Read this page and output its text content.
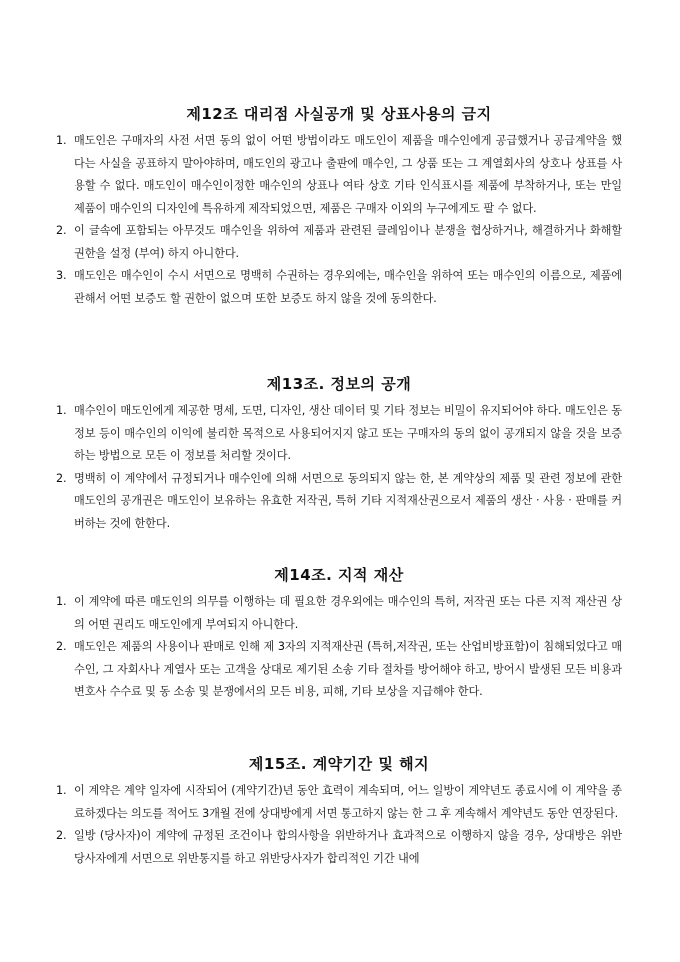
제12조 대리점 사실공개 및 상표사용의 금지
1. 매도인은 구매자의 사전 서면 동의 없이 어떤 방법이라도 매도인이 제품을 매수인에게 공급했거나 공급계약을 했다는 사실을 공표하지 말아야하며, 매도인의 광고나 출판에 매수인, 그 상품 또는 그 계열회사의 상호나 상표를 사용할 수 없다. 매도인이 매수인이정한 매수인의 상표나 여타 상호 기타 인식표시를 제품에 부착하거나, 또는 만일 제품이 매수인의 디자인에 특유하게 제작되었으면, 제품은 구매자 이외의 누구에게도 팔 수 없다.
2. 이 글속에 포함되는 아무것도 매수인을 위하여 제품과 관련된 클레임이나 분쟁을 협상하거나, 해결하거나 화해할 권한을 설정 (부여) 하지 아니한다.
3. 매도인은 매수인이 수시 서면으로 명백히 수권하는 경우외에는, 매수인을 위하여 또는 매수인의 이름으로, 제품에 관해서 어떤 보증도 할 권한이 없으며 또한 보증도 하지 않을 것에 동의한다.
제13조. 정보의 공개
1. 매수인이 매도인에게 제공한 명세, 도면, 디자인, 생산 데이터 및 기타 정보는 비밀이 유지되어야 하다. 매도인은 동 정보 등이 매수인의 이익에 불리한 목적으로 사용되어지지 않고 또는 구매자의 동의 없이 공개되지 않을 것을 보증하는 방법으로 모든 이 정보를 처리할 것이다.
2. 명백히 이 계약에서 규정되거나 매수인에 의해 서면으로 동의되지 않는 한, 본 계약상의 제품 및 관련 정보에 관한 매도인의 공개권은 매도인이 보유하는 유효한 저작권, 특허 기타 지적재산권으로서 제품의 생산 · 사용 · 판매를 커버하는 것에 한한다.
제14조. 지적 재산
1. 이 계약에 따른 매도인의 의무를 이행하는 데 필요한 경우외에는 매수인의 특허, 저작권 또는 다른 지적 재산권 상의 어떤 권리도 매도인에게 부여되지 아니한다.
2. 매도인은 제품의 사용이나 판매로 인해 제 3자의 지적재산권 (특허,저작권, 또는 산업비방표함)이 침해되었다고 매수인, 그 자회사나 계열사 또는 고객을 상대로 제기된 소송 기타 절차를 방어해야 하고, 방어시 발생된 모든 비용과 변호사 수수료 및 동 소송 및 분쟁에서의 모든 비용, 피해, 기타 보상을 지급해야 한다.
제15조. 계약기간 및 해지
1. 이 계약은 계약 일자에 시작되어 (계약기간)년 동안 효력이 계속되며, 어느 일방이 계약년도 종료시에 이 계약을 종료하겠다는 의도를 적어도 3개월 전에 상대방에게 서면 통고하지 않는 한 그 후 계속해서 계약년도 동안 연장된다.
2. 일방 (당사자)이 계약에 규정된 조건이나 합의사항을 위반하거나 효과적으로 이행하지 않을 경우, 상대방은 위반 당사자에게 서면으로 위반통지를 하고 위반당사자가 합리적인 기간 내에
